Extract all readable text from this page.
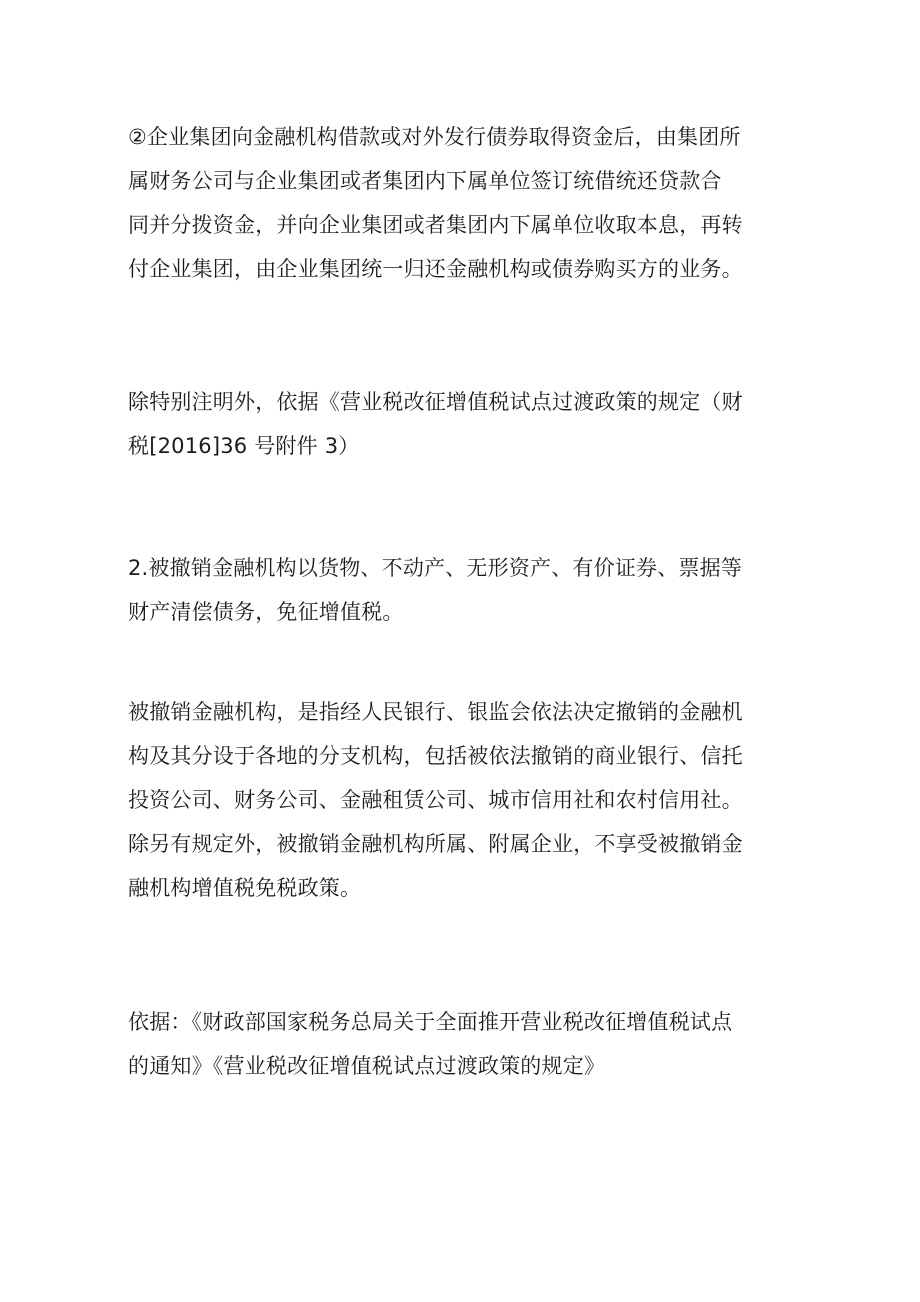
②企业集团向金融机构借款或对外发行债券取得资金后，由集团所
属财务公司与企业集团或者集团内下属单位签订统借统还贷款合
同并分拨资金，并向企业集团或者集团内下属单位收取本息，再转
付企业集团，由企业集团统一归还金融机构或债券购买方的业务。

除特别注明外，依据《营业税改征增值税试点过渡政策的规定（财
税[2016]36 号附件 3）

2.被撤销金融机构以货物、不动产、无形资产、有价证券、票据等
财产清偿债务，免征增值税。

被撤销金融机构，是指经人民银行、银监会依法决定撤销的金融机
构及其分设于各地的分支机构，包括被依法撤销的商业银行、信托
投资公司、财务公司、金融租赁公司、城市信用社和农村信用社。
除另有规定外，被撤销金融机构所属、附属企业，不享受被撤销金
融机构增值税免税政策。

依据：《财政部国家税务总局关于全面推开营业税改征增值税试点
的通知》《营业税改征增值税试点过渡政策的规定》
